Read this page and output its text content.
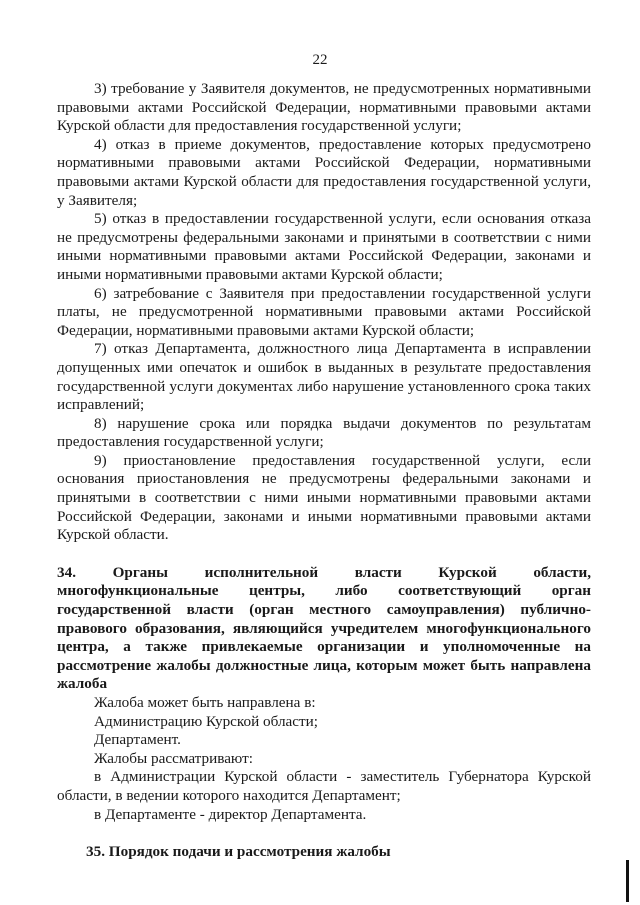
22

3) требование у Заявителя документов, не предусмотренных нормативными правовыми актами Российской Федерации, нормативными правовыми актами Курской области для предоставления государственной услуги;

4) отказ в приеме документов, предоставление которых предусмотрено нормативными правовыми актами Российской Федерации, нормативными правовыми актами Курской области для предоставления государственной услуги, у Заявителя;

5) отказ в предоставлении государственной услуги, если основания отказа не предусмотрены федеральными законами и принятыми в соответствии с ними иными нормативными правовыми актами Российской Федерации, законами и иными нормативными правовыми актами Курской области;

6) затребование с Заявителя при предоставлении государственной услуги платы, не предусмотренной нормативными правовыми актами Российской Федерации, нормативными правовыми актами Курской области;

7) отказ Департамента, должностного лица Департамента в исправлении допущенных ими опечаток и ошибок в выданных в результате предоставления государственной услуги документах либо нарушение установленного срока таких исправлений;

8) нарушение срока или порядка выдачи документов по результатам предоставления государственной услуги;

9) приостановление предоставления государственной услуги, если основания приостановления не предусмотрены федеральными законами и принятыми в соответствии с ними иными нормативными правовыми актами Российской Федерации, законами и иными нормативными правовыми актами Курской области.

34. Органы исполнительной власти Курской области, многофункциональные центры, либо соответствующий орган государственной власти (орган местного самоуправления) публично-правового образования, являющийся учредителем многофункционального центра, а также привлекаемые организации и уполномоченные на рассмотрение жалобы должностные лица, которым может быть направлена жалоба

Жалоба может быть направлена в:

Администрацию Курской области;

Департамент.

Жалобы рассматривают:

в Администрации Курской области - заместитель Губернатора Курской области, в ведении которого находится Департамент;

в Департаменте - директор Департамента.

35. Порядок подачи и рассмотрения жалобы
